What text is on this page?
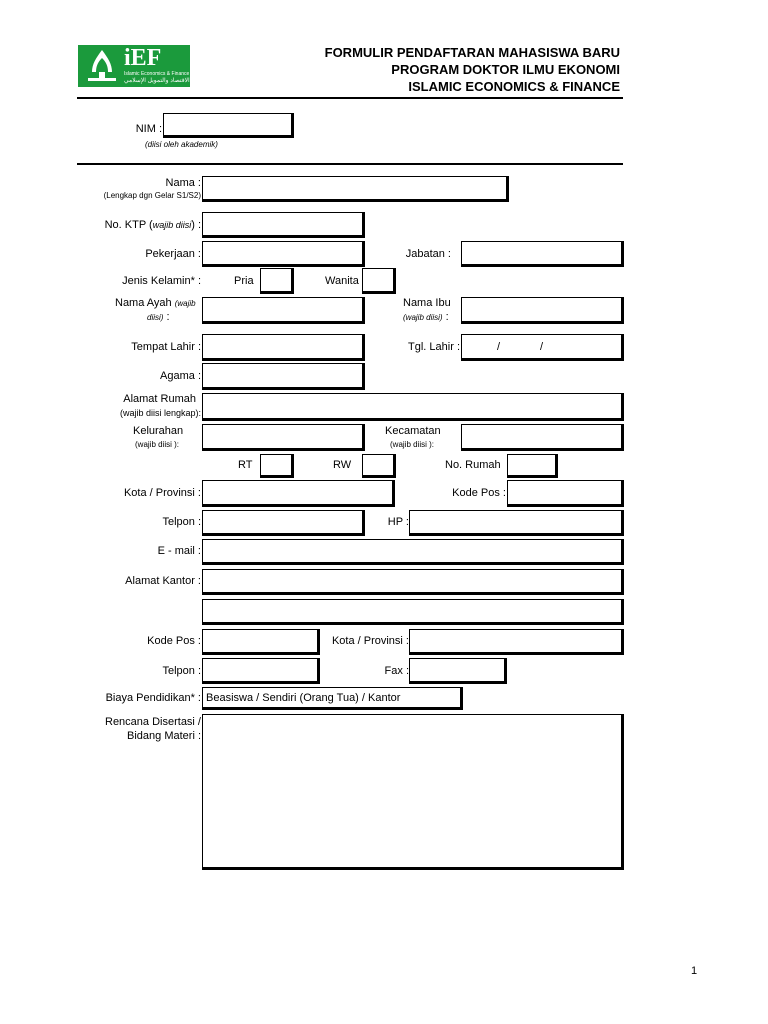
iEF
Islamic Economics & Finance
الاقتصاد والتمويل الإسلامي
FORMULIR PENDAFTARAN MAHASISWA BARU
PROGRAM DOKTOR ILMU EKONOMI
ISLAMIC ECONOMICS & FINANCE
NIM :
(diisi oleh akademik)
Nama :
(Lengkap dgn Gelar S1/S2)
No. KTP (wajib diisi) :
Pekerjaan :	Jabatan :
Jenis Kelamin* :	Pria	Wanita
Nama Ayah (wajib
diisi) :
Nama Ibu
(wajib diisi) :
Tempat Lahir :	Tgl. Lahir :	/	/
Agama :
Alamat Rumah
(wajib diisi lengkap):
Kelurahan
(wajib diisi ):
Kecamatan
(wajib diisi ):
RT	RW	No. Rumah
Kota / Provinsi :	Kode Pos :
Telpon :	HP :
E - mail :
Alamat Kantor :
Kode Pos :	Kota / Provinsi :
Telpon :	Fax :
Biaya Pendidikan* : Beasiswa / Sendiri (Orang Tua) / Kantor
Rencana Disertasi /
Bidang Materi :
1
